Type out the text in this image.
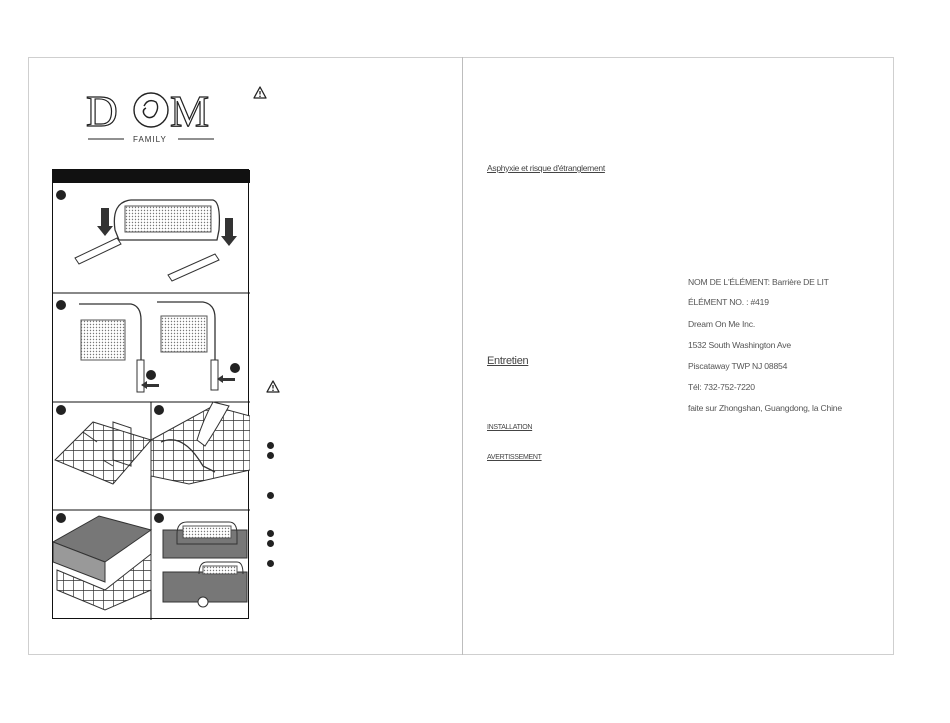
D M
FAMILY
Asphyxie et risque d'étranglement
Entretien
INSTALLATION
AVERTISSEMENT
NOM DE L'ÉLÉMENT: Barrière DE LIT
ÉLÉMENT NO. : #419
Dream On Me Inc.
1532 South Washington Ave
Piscataway TWP NJ 08854
Tél: 732-752-7220
faite sur Zhongshan, Guangdong, la Chine
